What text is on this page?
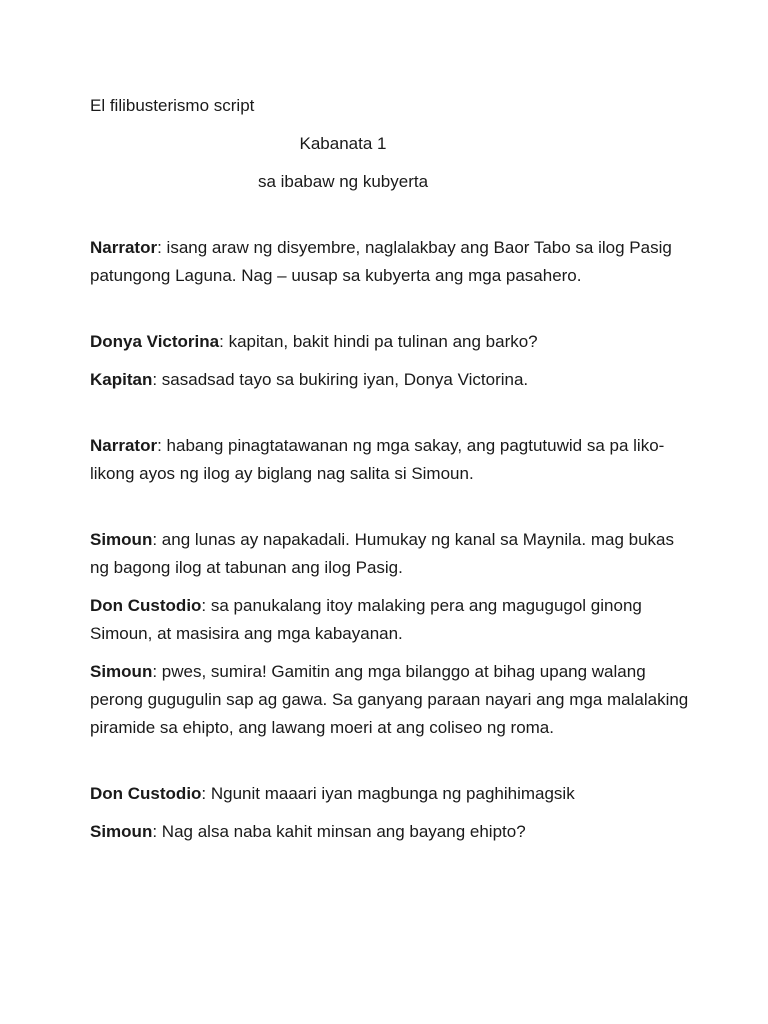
El filibusterismo script

Kabanata 1

sa ibabaw ng kubyerta

Narrator: isang araw ng disyembre, naglalakbay ang Baor Tabo sa ilog Pasig patungong Laguna. Nag – uusap sa kubyerta ang mga pasahero.

Donya Victorina: kapitan, bakit hindi pa tulinan ang barko?

Kapitan: sasadsad tayo sa bukiring iyan, Donya Victorina.

Narrator: habang pinagtatawanan ng mga sakay, ang pagtutuwid sa pa liko-likong ayos ng ilog ay biglang nag salita si Simoun.

Simoun: ang lunas ay napakadali. Humukay ng kanal sa Maynila. mag bukas ng bagong ilog at tabunan ang ilog Pasig.

Don Custodio: sa panukalang itoy malaking pera ang magugugol ginong Simoun, at masisira ang mga kabayanan.

Simoun: pwes, sumira! Gamitin ang mga bilanggo at bihag upang walang perong gugugulin sap ag gawa. Sa ganyang paraan nayari ang mga malalaking piramide sa ehipto, ang lawang moeri at ang coliseo ng roma.

Don Custodio: Ngunit maaari iyan magbunga ng paghihimagsik

Simoun: Nag alsa naba kahit minsan ang bayang ehipto?
